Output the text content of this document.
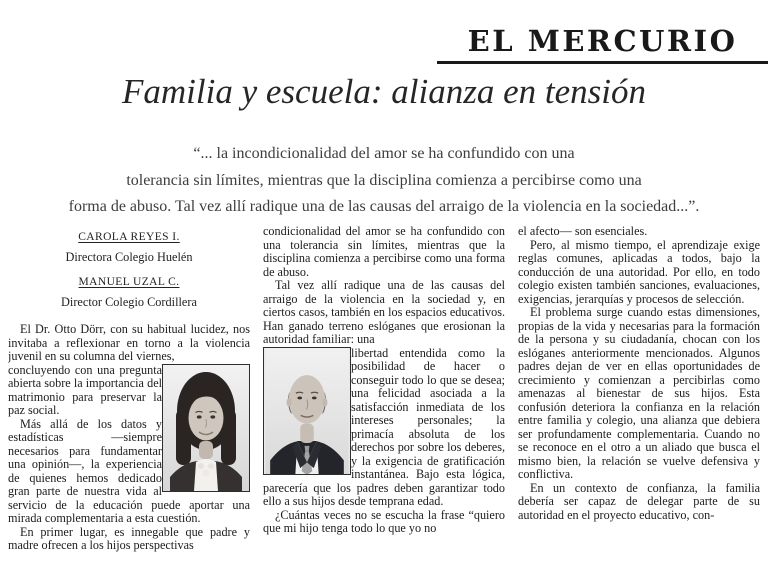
EL MERCURIO
Familia y escuela: alianza en tensión
“... la incondicionalidad del amor se ha confundido con una
tolerancia sin límites, mientras que la disciplina comienza a percibirse como una
forma de abuso. Tal vez allí radique una de las causas del arraigo de la violencia en la sociedad...”.
CAROLA REYES I.
Directora Colegio Huelén
MANUEL UZAL C.
Director Colegio Cordillera

El Dr. Otto Dörr, con su habitual lucidez, nos invitaba a reflexionar en torno a la violencia juvenil en su columna del viernes,

concluyendo con una pregunta abierta sobre la importancia del matrimonio para preservar la paz social.

Más allá de los datos y estadísticas —siempre necesarios para fundamentar una opinión—, la experiencia de quienes hemos dedicado gran parte de nuestra vida al servicio de la educación puede aportar una mirada complementaria a esta cuestión.

En primer lugar, es innegable que padre y madre ofrecen a los hijos perspectivas

condicionalidad del amor se ha confundido con una tolerancia sin límites, mientras que la disciplina comienza a percibirse como una forma de abuso.

Tal vez allí radique una de las causas del arraigo de la violencia en la sociedad y, en ciertos casos, también en los espacios educativos. Han ganado terreno eslóganes que erosionan la autoridad familiar: una

libertad entendida como la posibilidad de hacer o conseguir todo lo que se desea; una felicidad asociada a la satisfacción inmediata de los intereses personales; la primacía absoluta de los derechos por sobre los deberes, y la exigencia de gratificación instantánea. Bajo esta lógica, parecería que los padres deben garantizar todo ello a sus hijos desde temprana edad.

¿Cuántas veces no se escucha la frase “quiero que mi hijo tenga todo lo que yo no

el afecto— son esenciales.

Pero, al mismo tiempo, el aprendizaje exige reglas comunes, aplicadas a todos, bajo la conducción de una autoridad. Por ello, en todo colegio existen también sanciones, evaluaciones, exigencias, jerarquías y procesos de selección.

El problema surge cuando estas dimensiones, propias de la vida y necesarias para la formación de la persona y su ciudadanía, chocan con los eslóganes anteriormente mencionados. Algunos padres dejan de ver en ellas oportunidades de crecimiento y comienzan a percibirlas como amenazas al bienestar de sus hijos. Esta confusión deteriora la confianza en la relación entre familia y colegio, una alianza que debiera ser profundamente complementaria. Cuando no se reconoce en el otro a un aliado que busca el mismo bien, la relación se vuelve defensiva y conflictiva.

En un contexto de confianza, la familia debería ser capaz de delegar parte de su autoridad en el proyecto educativo, con-
